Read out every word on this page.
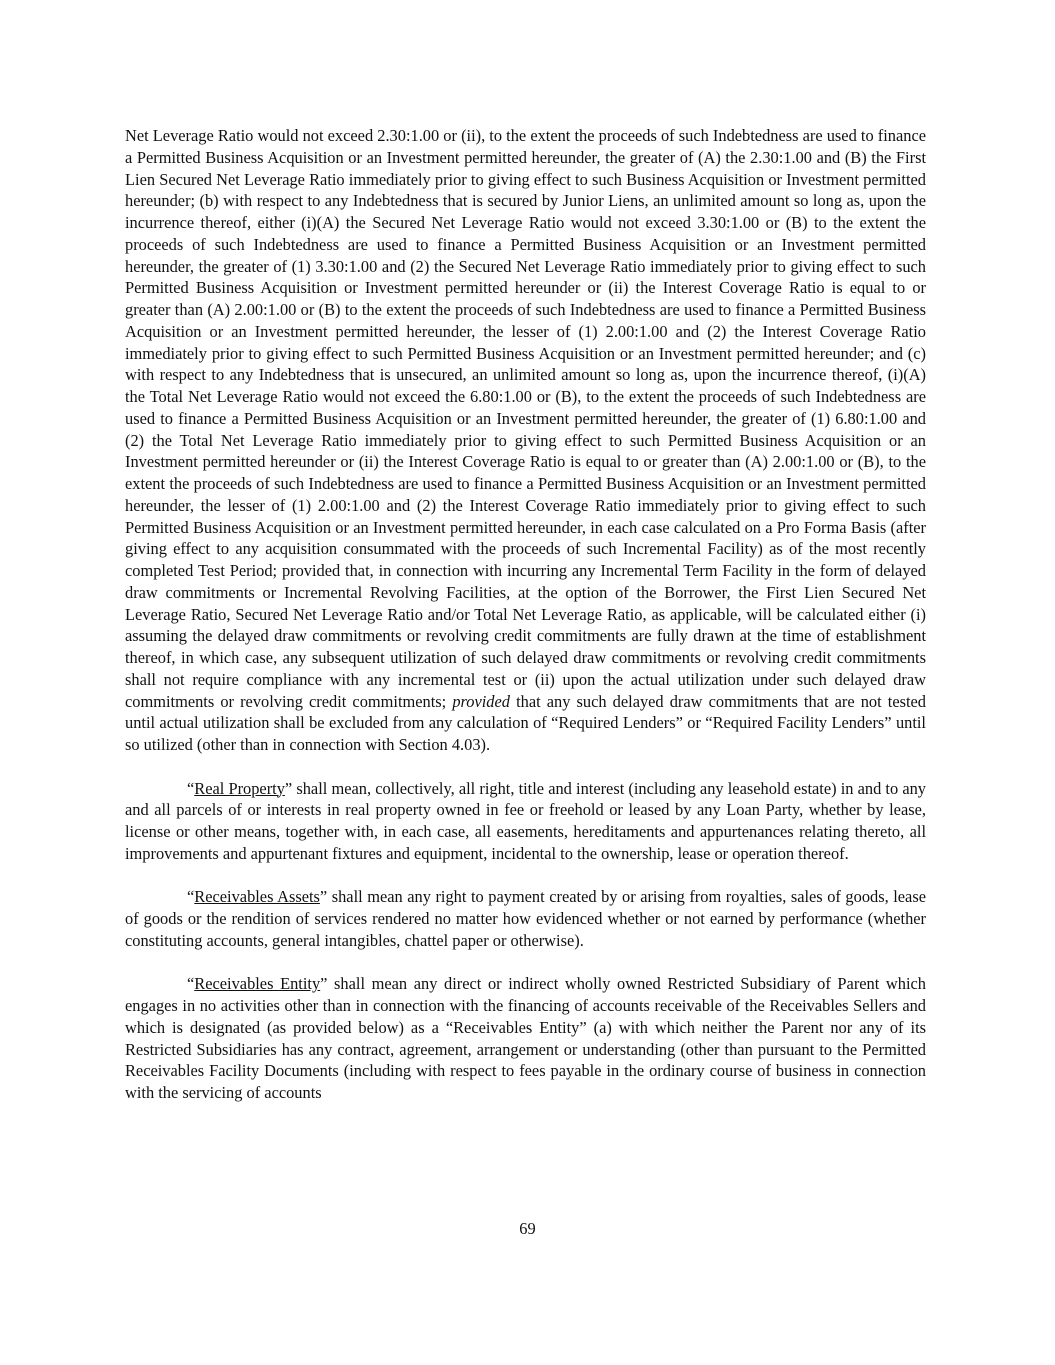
Net Leverage Ratio would not exceed 2.30:1.00 or (ii), to the extent the proceeds of such Indebtedness are used to finance a Permitted Business Acquisition or an Investment permitted hereunder, the greater of (A) the 2.30:1.00 and (B) the First Lien Secured Net Leverage Ratio immediately prior to giving effect to such Business Acquisition or Investment permitted hereunder; (b) with respect to any Indebtedness that is secured by Junior Liens, an unlimited amount so long as, upon the incurrence thereof, either (i)(A) the Secured Net Leverage Ratio would not exceed 3.30:1.00 or (B) to the extent the proceeds of such Indebtedness are used to finance a Permitted Business Acquisition or an Investment permitted hereunder, the greater of (1) 3.30:1.00 and (2) the Secured Net Leverage Ratio immediately prior to giving effect to such Permitted Business Acquisition or Investment permitted hereunder or (ii) the Interest Coverage Ratio is equal to or greater than (A) 2.00:1.00 or (B) to the extent the proceeds of such Indebtedness are used to finance a Permitted Business Acquisition or an Investment permitted hereunder, the lesser of (1) 2.00:1.00 and (2) the Interest Coverage Ratio immediately prior to giving effect to such Permitted Business Acquisition or an Investment permitted hereunder; and (c) with respect to any Indebtedness that is unsecured, an unlimited amount so long as, upon the incurrence thereof, (i)(A) the Total Net Leverage Ratio would not exceed the 6.80:1.00 or (B), to the extent the proceeds of such Indebtedness are used to finance a Permitted Business Acquisition or an Investment permitted hereunder, the greater of (1) 6.80:1.00 and (2) the Total Net Leverage Ratio immediately prior to giving effect to such Permitted Business Acquisition or an Investment permitted hereunder or (ii) the Interest Coverage Ratio is equal to or greater than (A) 2.00:1.00 or (B), to the extent the proceeds of such Indebtedness are used to finance a Permitted Business Acquisition or an Investment permitted hereunder, the lesser of (1) 2.00:1.00 and (2) the Interest Coverage Ratio immediately prior to giving effect to such Permitted Business Acquisition or an Investment permitted hereunder, in each case calculated on a Pro Forma Basis (after giving effect to any acquisition consummated with the proceeds of such Incremental Facility) as of the most recently completed Test Period; provided that, in connection with incurring any Incremental Term Facility in the form of delayed draw commitments or Incremental Revolving Facilities, at the option of the Borrower, the First Lien Secured Net Leverage Ratio, Secured Net Leverage Ratio and/or Total Net Leverage Ratio, as applicable, will be calculated either (i) assuming the delayed draw commitments or revolving credit commitments are fully drawn at the time of establishment thereof, in which case, any subsequent utilization of such delayed draw commitments or revolving credit commitments shall not require compliance with any incremental test or (ii) upon the actual utilization under such delayed draw commitments or revolving credit commitments; provided that any such delayed draw commitments that are not tested until actual utilization shall be excluded from any calculation of “Required Lenders” or “Required Facility Lenders” until so utilized (other than in connection with Section 4.03).

“Real Property” shall mean, collectively, all right, title and interest (including any leasehold estate) in and to any and all parcels of or interests in real property owned in fee or freehold or leased by any Loan Party, whether by lease, license or other means, together with, in each case, all easements, hereditaments and appurtenances relating thereto, all improvements and appurtenant fixtures and equipment, incidental to the ownership, lease or operation thereof.

“Receivables Assets” shall mean any right to payment created by or arising from royalties, sales of goods, lease of goods or the rendition of services rendered no matter how evidenced whether or not earned by performance (whether constituting accounts, general intangibles, chattel paper or otherwise).

“Receivables Entity” shall mean any direct or indirect wholly owned Restricted Subsidiary of Parent which engages in no activities other than in connection with the financing of accounts receivable of the Receivables Sellers and which is designated (as provided below) as a “Receivables Entity” (a) with which neither the Parent nor any of its Restricted Subsidiaries has any contract, agreement, arrangement or understanding (other than pursuant to the Permitted Receivables Facility Documents (including with respect to fees payable in the ordinary course of business in connection with the servicing of accounts

69
